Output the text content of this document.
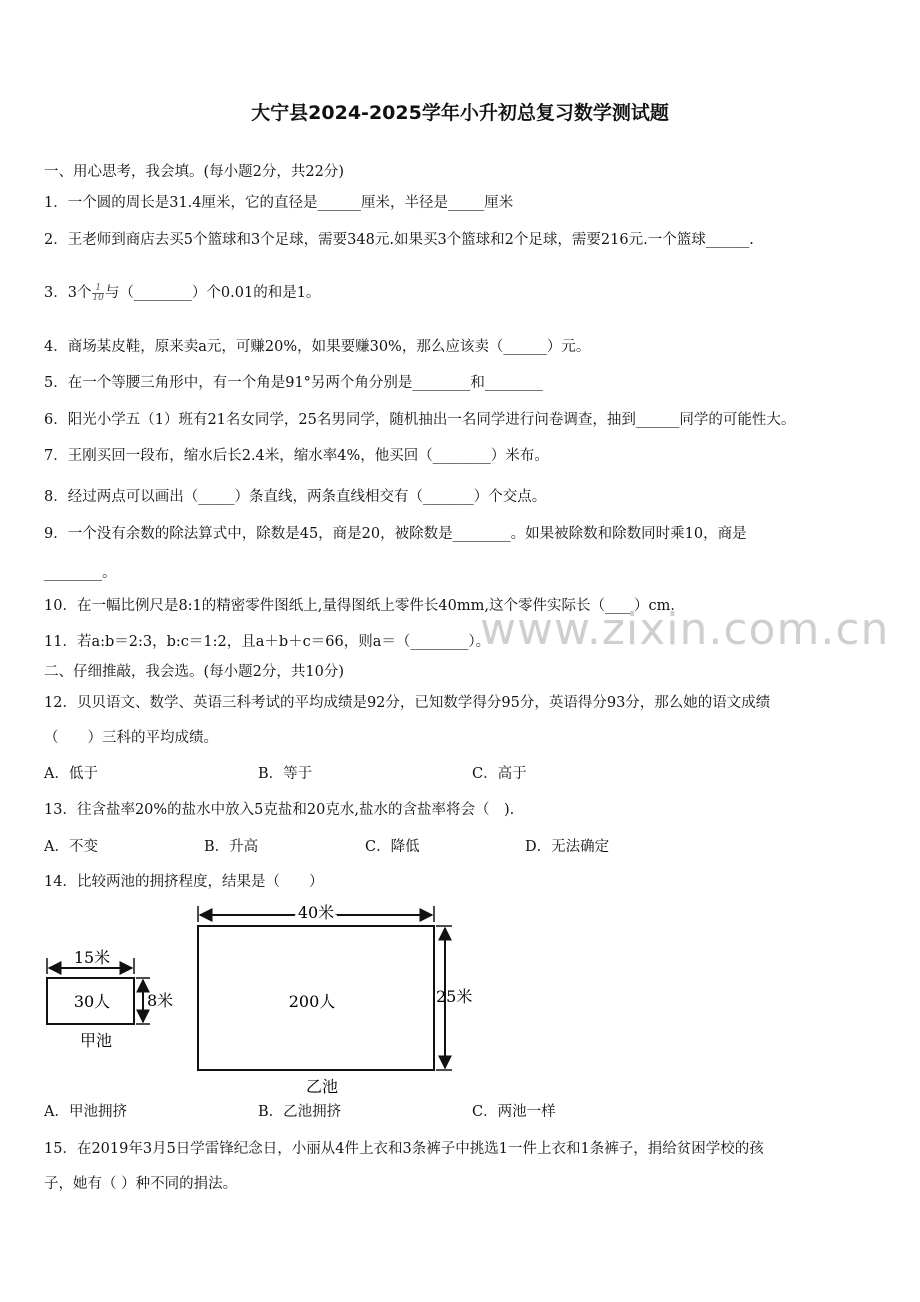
大宁县2024-2025学年小升初总复习数学测试题
一、用心思考，我会填。(每小题2分，共22分)
1．一个圆的周长是31.4厘米，它的直径是______厘米，半径是_____厘米
2．王老师到商店去买5个篮球和3个足球，需要348元.如果买3个篮球和2个足球，需要216元.一个篮球______.
3．3个 $\frac{1}{10}$ 与（________）个0.01的和是1。
4．商场某皮鞋，原来卖a元，可赚20%，如果要赚30%，那么应该卖（______）元。
5．在一个等腰三角形中，有一个角是91°另两个角分别是________和________
6．阳光小学五（1）班有21名女同学，25名男同学，随机抽出一名同学进行问卷调查，抽到______同学的可能性大。
7．王刚买回一段布，缩水后长2.4米，缩水率4%，他买回（________）米布。
8．经过两点可以画出（_____）条直线，两条直线相交有（_______）个交点。
9．一个没有余数的除法算式中，除数是45，商是20，被除数是________。如果被除数和除数同时乘10，商是
________。
10．在一幅比例尺是8:1的精密零件图纸上,量得图纸上零件长40mm,这个零件实际长（____）cm．
11．若a:b＝2:3，b:c＝1:2，且a＋b＋c＝66，则a＝（________）。
www.zixin.com.cn
二、仔细推敲，我会选。(每小题2分，共10分)
12．贝贝语文、数学、英语三科考试的平均成绩是92分，已知数学得分95分，英语得分93分，那么她的语文成绩
（　　）三科的平均成绩。
A．低于	B．等于	C．高于
13．往含盐率20%的盐水中放入5克盐和20克水,盐水的含盐率将会（　).
A．不变	B．升高	C．降低	D．无法确定
14．比较两池的拥挤程度，结果是（　　）
15米
30人 8米
甲池
40米
200人	25米
乙池
A．甲池拥挤	B．乙池拥挤	C．两池一样
15．在2019年3月5日学雷锋纪念日，小丽从4件上衣和3条裤子中挑选1一件上衣和1条裤子，捐给贫困学校的孩
子，她有（ ）种不同的捐法。
